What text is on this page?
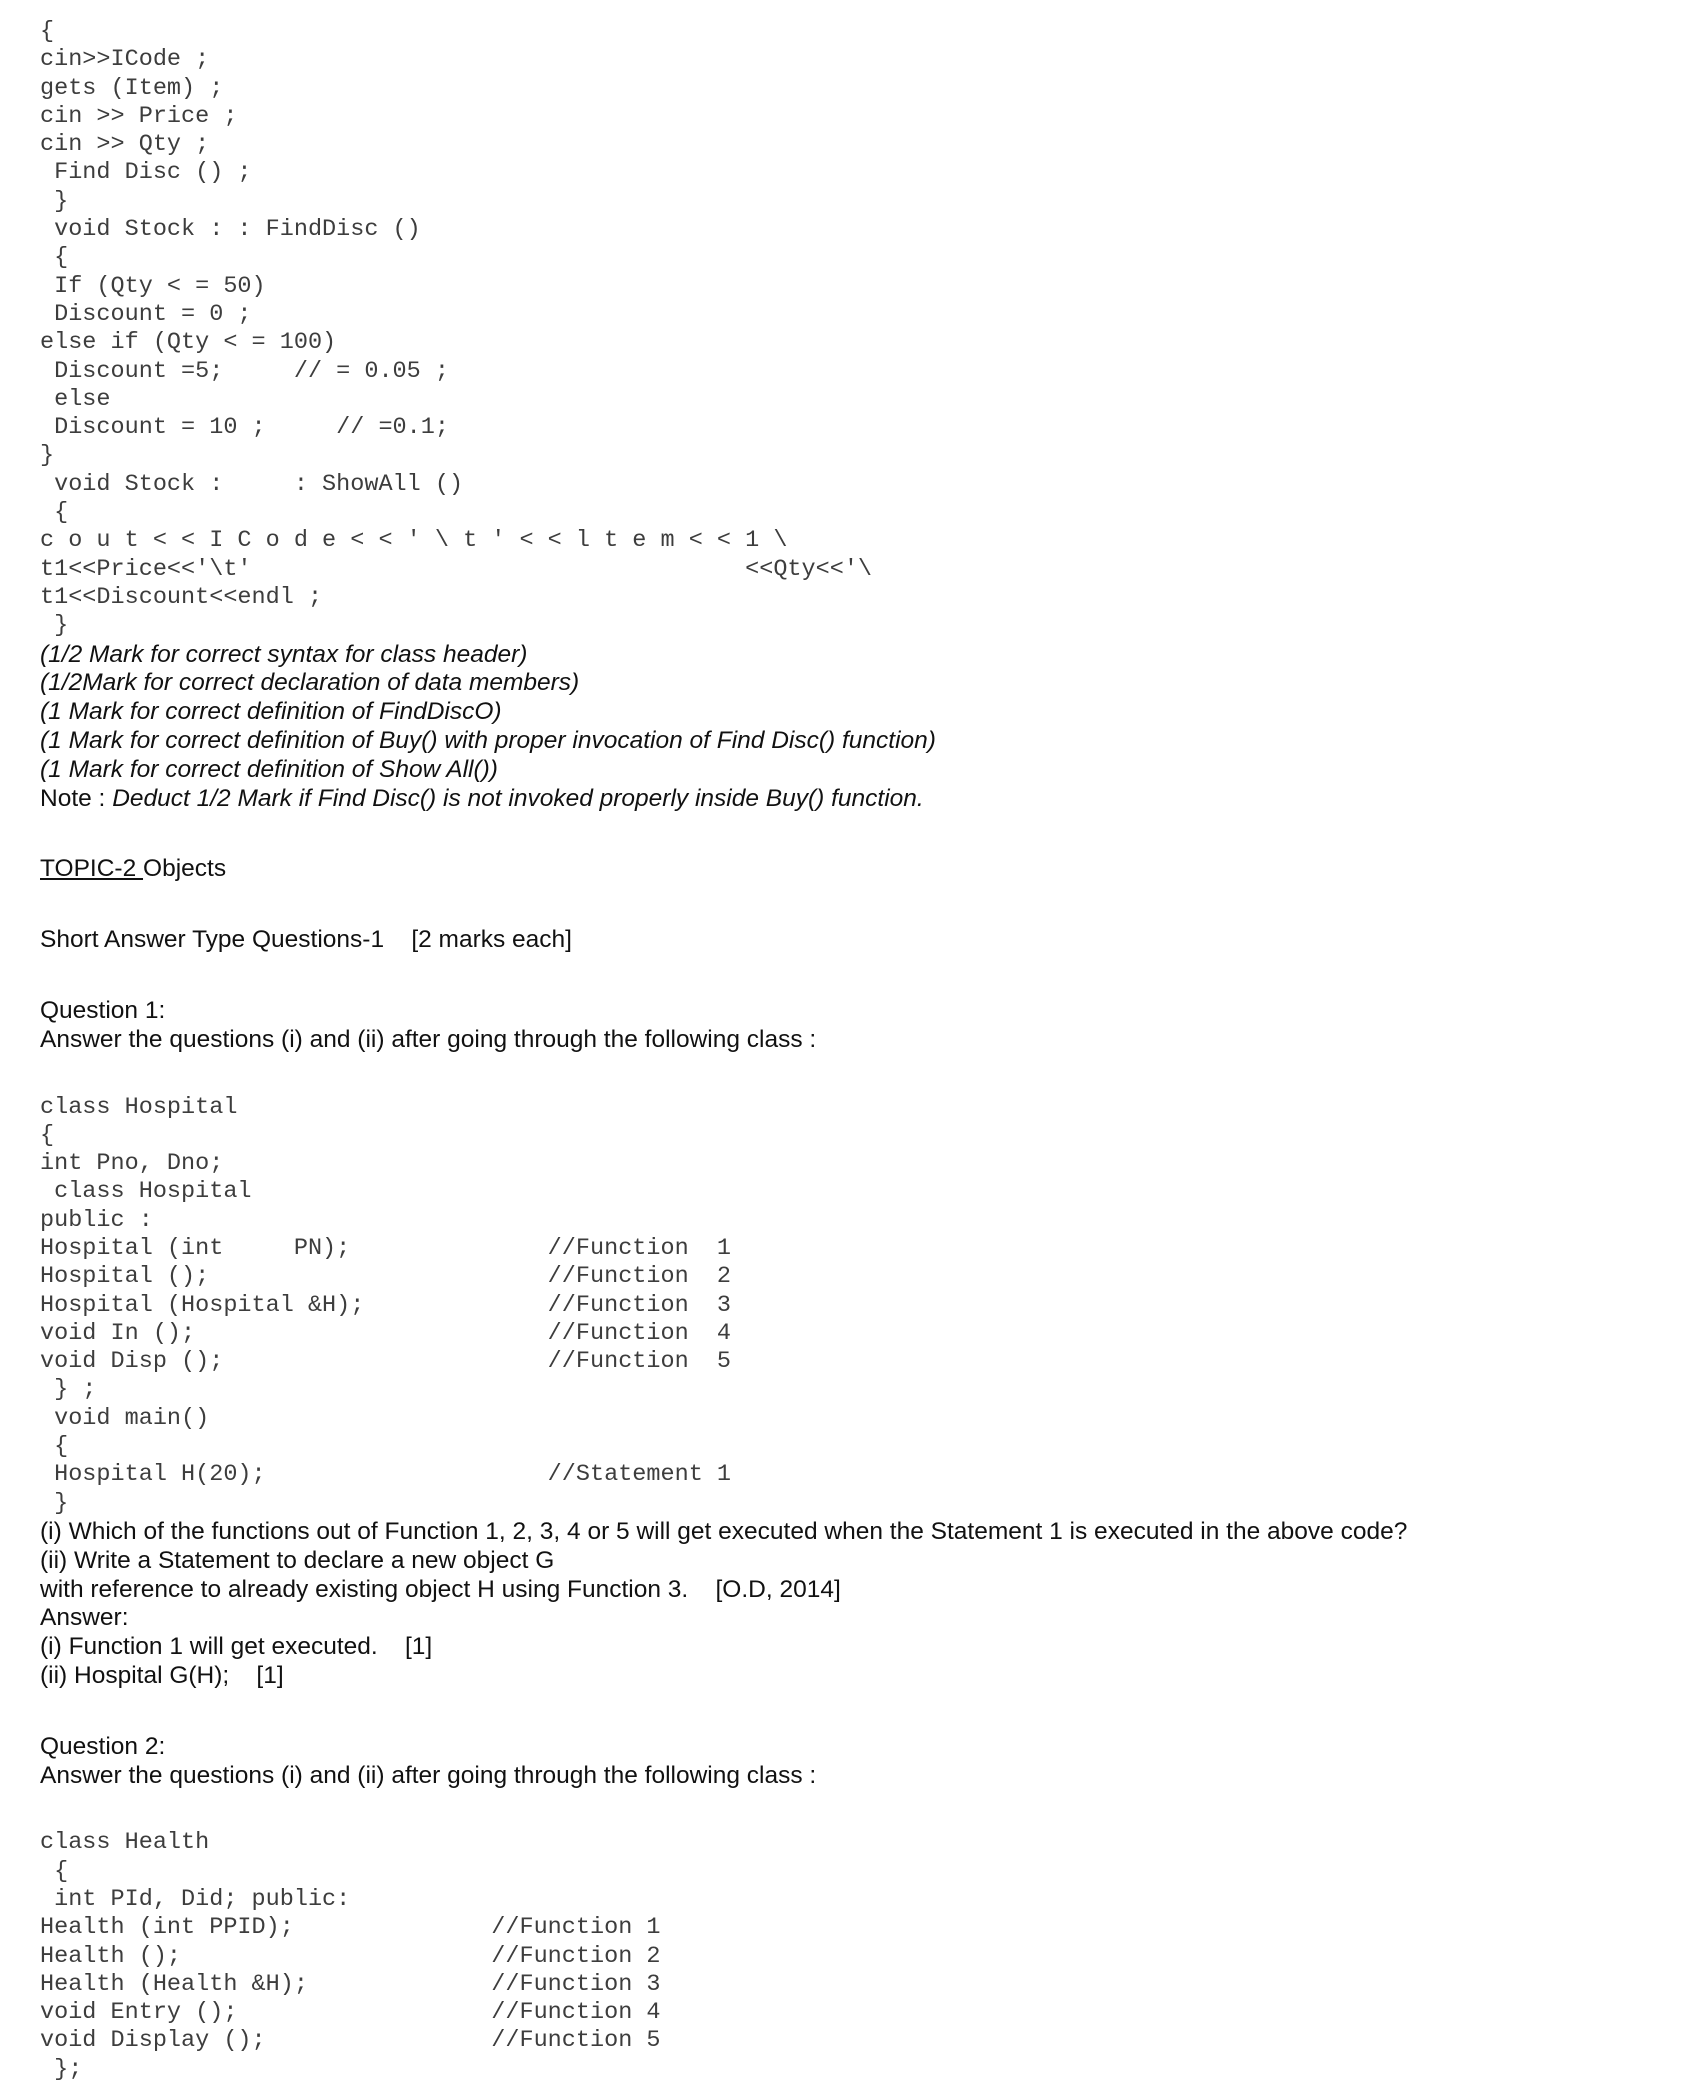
{
cin>>ICode ;
gets (Item) ;
cin >> Price ;
cin >> Qty ;
Find Disc () ;
}
void Stock : : FindDisc ()
{
If (Qty < = 50)
Discount = 0 ;
else if (Qty < = 100)
Discount =5;     // = 0.05 ;
else
Discount = 10 ;     // =0.1;
}
void Stock :     : ShowAll ()
{
c o u t < < I C o d e < < ' \ t ' < < l t e m < < 1 \
t1<<Price<<'\t'                                   <<Qty<<'\
t1<<Discount<<endl ;
}
(1/2 Mark for correct syntax for class header)
(1/2Mark for correct declaration of data members)
(1 Mark for correct definition of FindDiscO)
(1 Mark for correct definition of Buy() with proper invocation of Find Disc() function)
(1 Mark for correct definition of Show All())
Note : Deduct 1/2 Mark if Find Disc() is not invoked properly inside Buy() function.
TOPIC-2 Objects
Short Answer Type Questions-1    [2 marks each]
Question 1:
Answer the questions (i) and (ii) after going through the following class :
class Hospital
{
int Pno, Dno;
class Hospital
public :
Hospital (int     PN);              //Function  1
Hospital ();                        //Function  2
Hospital (Hospital &H);             //Function  3
void In ();                         //Function  4
void Disp ();                       //Function  5
} ;
void main()
{
Hospital H(20);                    //Statement 1
}
(i) Which of the functions out of Function 1, 2, 3, 4 or 5 will get executed when the Statement 1 is executed in the above code?
(ii) Write a Statement to declare a new object G
with reference to already existing object H using Function 3.    [O.D, 2014]
Answer:
(i) Function 1 will get executed.    [1]
(ii) Hospital G(H);    [1]
Question 2:
Answer the questions (i) and (ii) after going through the following class :
class Health
{
int PId, Did; public:
Health (int PPID);              //Function 1
Health ();                      //Function 2
Health (Health &H);             //Function 3
void Entry ();                  //Function 4
void Display ();                //Function 5
};
